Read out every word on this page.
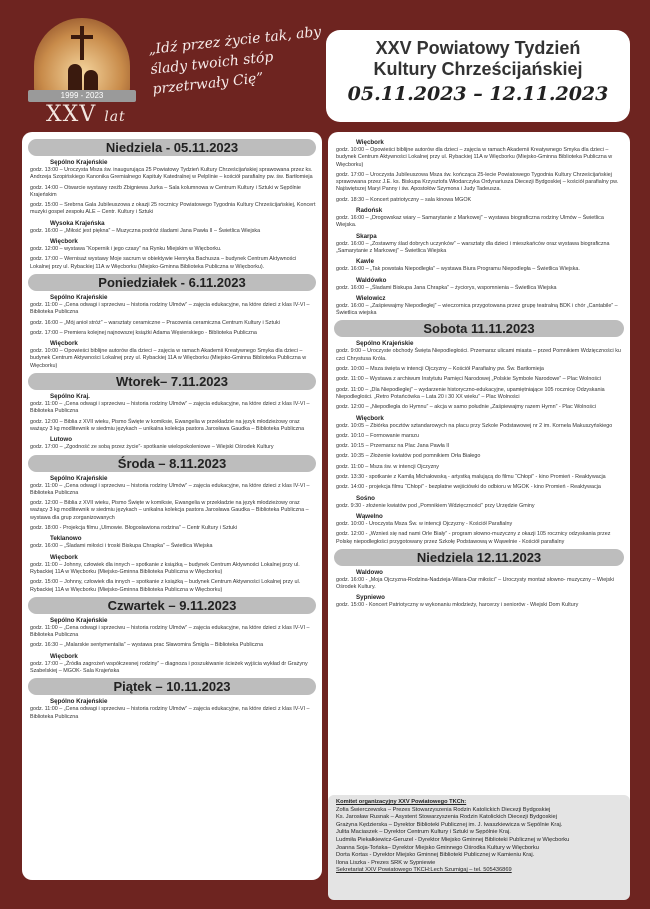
1999 - 2023
XXV lat
„Idź przez życie tak, aby ślady twoich stóp przetrwały Cię”
XXV Powiatowy Tydzień
Kultury Chrześcijańskiej
05.11.2023 – 12.11.2023
Niedziela - 05.11.2023
Sępólno Krajeńskie
godz. 13:00 – Uroczysta Msza św. inaugurująca 25 Powiatowy Tydzień Kultury Chrześcijańskiej sprawowana przez ks. Andrzeja Szopińskiego Kanonika Gremialnego Kapituły Katedralnej w Pelplinie – kościół parafialny pw. św. Bartłomieja
godz. 14:00 – Otwarcie wystawy rzeźb Zbigniewa Jurka – Sala kolumnowa w Centrum Kultury i Sztuki w Sępólnie Krajeńskim
godz. 15:00 – Srebrna Gala Jubileuszowa z okazji 25 rocznicy Powiatowego Tygodnia Kultury Chrześcijańskiej, Koncert muzyki gospel zespołu ALE – Centr. Kultury i Sztuki
Wysoka Krajeńska
godz. 16:00 – „Miłość jest piękna” – Muzyczna podróż śladami Jana Pawła II – Świetlica Wiejska
Więcbork
godz. 12:00 – wystawa “Kopernik i jego czasy” na Rynku Miejskim w Więcborku.
godz. 17:00 – Wernisaż wystawy Moje sacrum w obiektywie Henryka Bachusza – budynek Centrum Aktywności Lokalnej przy ul. Rybackiej 11A w Więcborku (Miejsko-Gminna Biblioteka Publiczna w Więcborku).
Poniedziałek - 6.11.2023
Sępólno Krajeńskie
godz. 11:00 – „Cena odwagi i sprzeciwu – historia rodziny Ulmów” – zajęcia edukacyjne, na które dzieci z klas IV-VI – Biblioteka Publiczna
godz. 16:00 – „Mój anioł stróż” – warsztaty ceramiczne – Pracownia ceramiczna Centrum Kultury i Sztuki
godz. 17:00 – Premiera kolejnej najnowszej książki Adama Węsierskiego - Biblioteka Publiczna
Więcbork
godz. 10:00 – Opowieści biblijne autorów dla dzieci – zajęcia w ramach Akademii Kreatywnego Smyka dla dzieci – budynek Centrum Aktywności Lokalnej przy ul. Rybackiej 11A w Więcborku (Miejsko-Gminna Biblioteka Publiczna w Więcborku)
Wtorek– 7.11.2023
Sępólno Kraj.
godz. 11:00 – „Cena odwagi i sprzeciwu – historia rodziny Ulmów” – zajęcia edukacyjne, na które dzieci z klas IV-VI – Biblioteka Publiczna
godz. 12:00 – Biblia z XVII wieku, Pismo Święte w komiksie, Ewangelia w przekładzie na język młodzieżowy oraz ważący 3 kg modlitewnik w siedmiu językach – unikalna kolekcja pastora Jarosława Gaudka – Biblioteka Publiczna
Lutowo
godz. 17:00 – „Zgodność ze sobą przez życie”- spotkanie wielopokoleniowe – Wiejski Ośrodek Kultury
Środa – 8.11.2023
Sępólno Krajeńskie
godz. 11:00 – „Cena odwagi i sprzeciwu – historia rodziny Ulmów” – zajęcia edukacyjne, na które dzieci z klas IV-VI – Biblioteka Publiczna
godz. 12:00 – Biblia z XVII wieku, Pismo Święte w komiksie, Ewangelia w przekładzie na język młodzieżowy oraz ważący 3 kg modlitewnik w siedmiu językach – unikalna kolekcja pastora Jarosława Gaudka – Biblioteka Publiczna – wystawa dla grup zorganizowanych
godz. 18:00 - Projekcja filmu „Ulmowie. Błogosławiona rodzina” – Centr Kultury i Sztuki
Teklanowo
godz. 16:00 – „Śladami miłości i troski Biskupa Chrapka” – Świetlica Wiejska
Więcbork
godz. 11:00 – Johnny, człowiek dla innych – spotkanie z książką – budynek Centrum Aktywności Lokalnej przy ul. Rybackiej 11A w Więcborku (Miejsko-Gminna Biblioteka Publiczna w Więcborku)
godz. 15:00 – Johnny, człowiek dla innych – spotkanie z książką – budynek Centrum Aktywności Lokalnej przy ul. Rybackiej 11A w Więcborku (Miejsko-Gminna Biblioteka Publiczna w Więcborku)
Czwartek – 9.11.2023
Sępólno Krajeńskie
godz. 11:00 – „Cena odwagi i sprzeciwu – historia rodziny Ulmów” – zajęcia edukacyjne, na które dzieci z klas IV-VI – Biblioteka Publiczna
godz. 16:30 – „Malarskie sentymentalia” – wystawa prac Sławomira Śmigla – Biblioteka Publiczna
Więcbork
godz. 17:00 – „Źródła zagrożeń współczesnej rodziny” – diagnoza i poszukiwanie ścieżek wyjścia wykład dr Grażyny Szabelskiej – MGOK- Sala Krajeńska
Piątek – 10.11.2023
Sępólno Krajeńskie
godz. 11:00 – „Cena odwagi i sprzeciwu – historia rodziny Ulmów” – zajęcia edukacyjne, na które dzieci z klas IV-VI – Biblioteka Publiczna
Więcbork
godz. 10:00 – Opowieści biblijne autorów dla dzieci – zajęcia w ramach Akademii Kreatywnego Smyka dla dzieci – budynek Centrum Aktywności Lokalnej przy ul. Rybackiej 11A w Więcborku (Miejsko-Gminna Biblioteka Publiczna w Więcborku)
godz. 17:00 – Uroczysta Jubileuszowa Msza św. kończąca 25-lecie Powiatowego Tygodnia Kultury Chrześcijańskiej sprawowana przez J.E. ks. Biskupa Krzysztofa Włodarczyka Ordynariusza Diecezji Bydgoskiej – kościół parafialny pw. Najświętszej Maryi Panny i św. Apostołów Szymona i Judy Tadeusza.
godz. 18:30 – Koncert patriotyczny – sala kinowa MGOK
Radońsk
godz. 16:00 – „Drogowskaz wiary – Samarytanie z Markowej” – wystawa biograficzna rodziny Ulmów – Świetlica Wiejska.
Skarpa
godz. 16:00 – „Zostawmy ślad dobrych uczynków” – warsztaty dla dzieci i mieszkańców oraz wystawa biograficzna „Samarytanie z Markowej” – Świetlica Wiejska
Kawle
godz. 16:00 – „Tak powstała Niepodległa” – wystawa Biura Programu Niepodległa – Świetlica Wiejska.
Waldówko
godz. 16:00 – „Śladami Biskupa Jana Chrapka” – życiorys, wspomnienia – Świetlica Wiejska
Wielowicz
godz. 16:00 – „Zaśpiewajmy Niepodległej” – wieczornica przygotowana przez grupę teatralną BDK i chór „Cantabile” – Świetlica wiejska
Sobota 11.11.2023
Sępólno Krajeńskie
godz. 9:00 – Uroczyste obchody Święta Niepodległości. Przemarsz ulicami miasta – przed Pomnikiem Wdzięczności ku czci Chrystusa Króla.
godz. 10:00 – Msza święta w intencji Ojczyzny – Kościół Parafialny pw. Św. Bartłomieja
godz. 11:00 – Wystawa z archiwum Instytutu Pamięci Narodowej „Polskie Symbole Narodowe” – Plac Wolności
godz. 11:00 – „Dla Niepodległej” – wydarzenie historyczno-edukacyjne, upamiętniające 105 rocznicę Odzyskania Niepodległości. „Retro Potańcówka – Lata 20 i 30 XX wieku” – Plac Wolności
godz. 12:00 – „Niepodległa do Hymnu” – akcja w samo południe „Zaśpiewajmy razem Hymn” - Plac Wolności
Więcbork
godz. 10:05 – Zbiórka pocztów sztandarowych na placu przy Szkole Podstawowej nr 2 im. Kornela Makuszyńskiego
godz. 10:10 – Formowanie marszu
godz. 10:15 – Przemarsz na Plac Jana Pawła II
godz. 10:35 – Złożenie kwiatów pod pomnikiem Orła Białego
godz. 11:00 – Msza św. w intencji Ojczyzny
godz. 13:30 - spotkanie z Kamilą Michałowską - artystką malującą do filmu “Chłopi” - kino Promień - Reaktywacja
godz. 14:00 - projekcja filmu “Chłopi” - bezpłatne wejściówki do odbioru w MGOK - kino Promień - Reaktywacja
Sośno
godz. 9:30 - złożenie kwiatów pod „Pomnikiem Wdzięczności” przy Urzędzie Gminy
Wąwelno
godz. 10:00 - Uroczysta Msza Św. w intencji Ojczyzny - Kościół Parafialny
godz. 12:00 - „Wznieś się nad nami Orle Biały” - program słowno-muzyczny z okazji 105 rocznicy odzyskania przez Polskę niepodległości przygotowany przez Szkołę Podstawową w Wąwelnie - Kościół parafialny
Niedziela 12.11.2023
Waldowo
godz. 16:00 - „Moja Ojczyzna-Rodzina-Nadzieja-Wiara-Dar miłości” – Uroczysty montaż słowno- muzyczny – Wiejski Ośrodek Kultury.
Sypniewo
godz. 15:00 - Koncert Patriotyczny w wykonaniu młodzieży, harcerzy i seniorów - Wiejski Dom Kultury
Komitet organizacyjny XXV Powiatowego TKCh:
Zofia Świerczewska – Prezes Stowarzyszenia Rodzin Katolickich Diecezji Bydgoskiej
Ks. Jarosław Rusnak – Asystent Stowarzyszenia Rodzin Katolickich Diecezji Bydgoskiej
Grażyna Kędzierska – Dyrektor Biblioteki Publicznej im. J. Iwaszkiewicza w Sępólnie Kraj.
Julita Maciaszek – Dyrektor Centrum Kultury i Sztuki w Sępólnie Kraj.
Ludmiła Piekałkiewicz-Geruzel - Dyrektor Miejsko Gminnej Biblioteki Publicznej w Więcborku
Joanna Soja-Tońska– Dyrektor Miejsko Gminnego Ośrodka Kultury w Więcborku
Dorta Kortas - Dyrektor Miejsko Gminnej Biblioteki Publicznej w Kamieniu Kraj.
Ilona Liszka - Prezes SRK w Sypniewie
Sekretariat XXV Powiatowego TKCH:Lech Szumigaj – tel. 505436869
